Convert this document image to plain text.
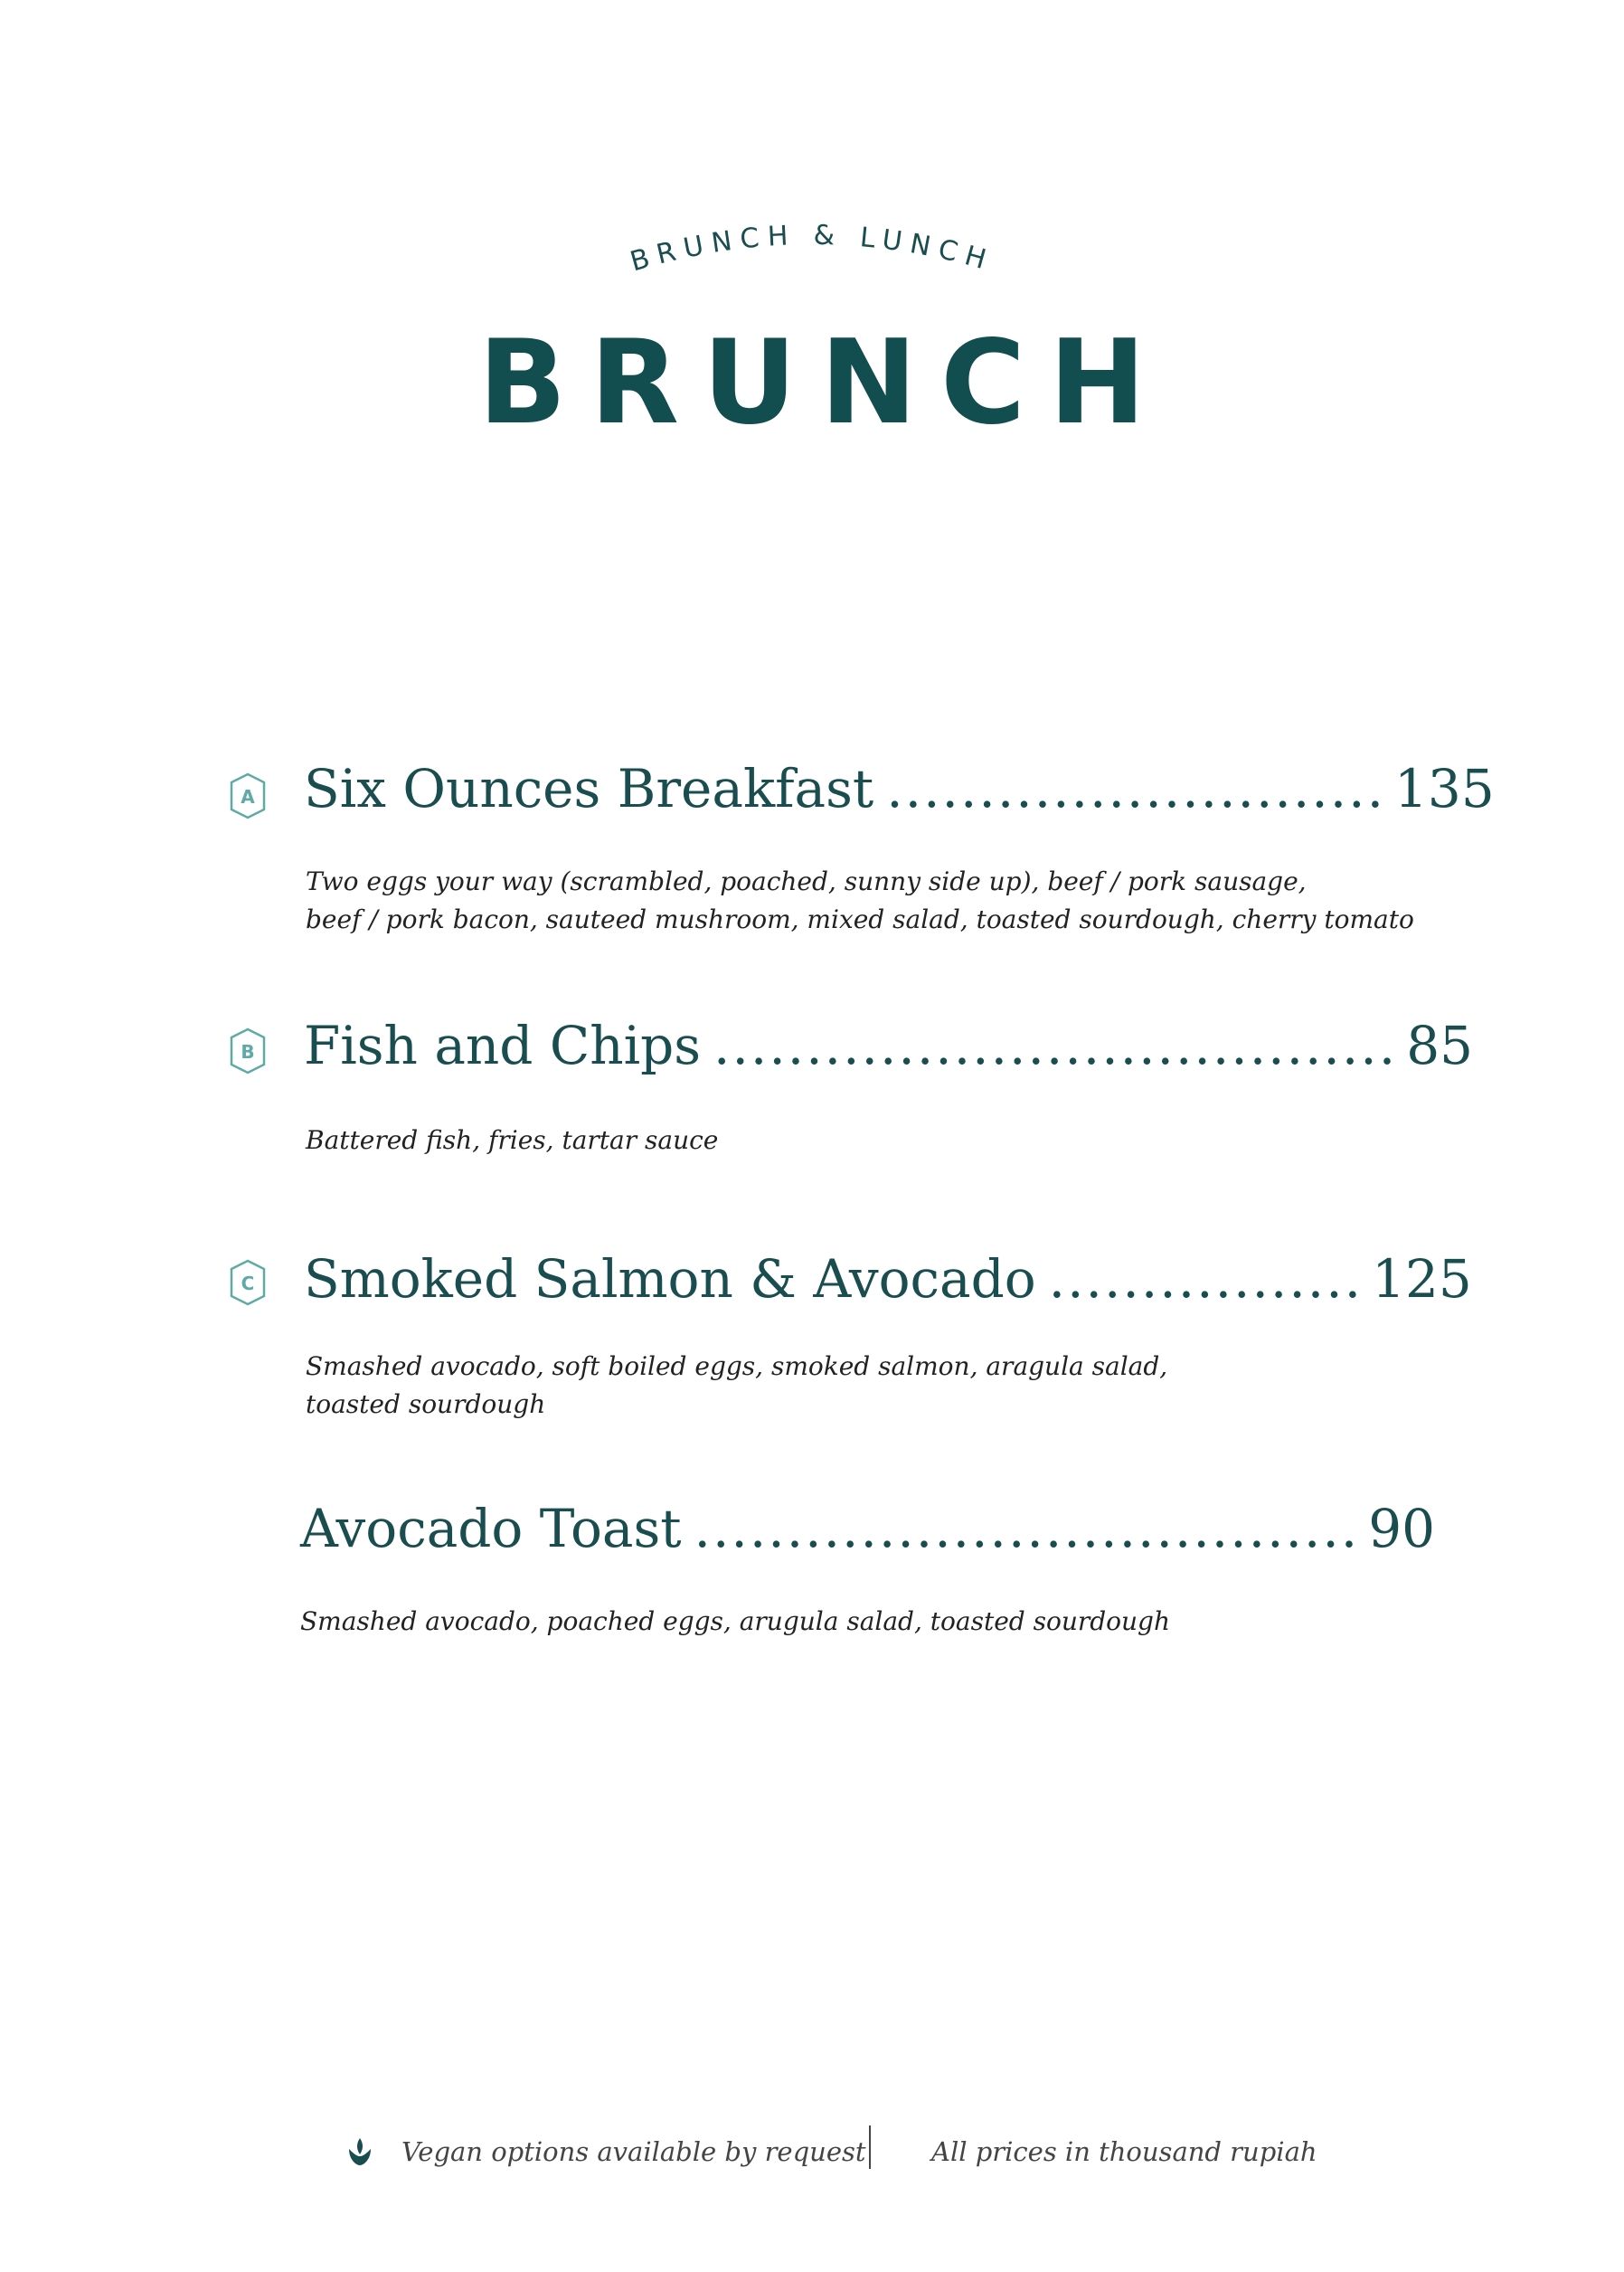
BRUNCH & LUNCH
BRUNCH
A Six Ounces Breakfast ........................... 135
Two eggs your way (scrambled, poached, sunny side up), beef / pork sausage,
beef / pork bacon, sauteed mushroom, mixed salad, toasted sourdough, cherry tomato
B Fish and Chips ..................................... 85
Battered fish, fries, tartar sauce
C Smoked Salmon & Avocado ................. 125
Smashed avocado, soft boiled eggs, smoked salmon, aragula salad,
toasted sourdough
Avocado Toast .................................... 90
Smashed avocado, poached eggs, arugula salad, toasted sourdough
Vegan options available by request All prices in thousand rupiah
